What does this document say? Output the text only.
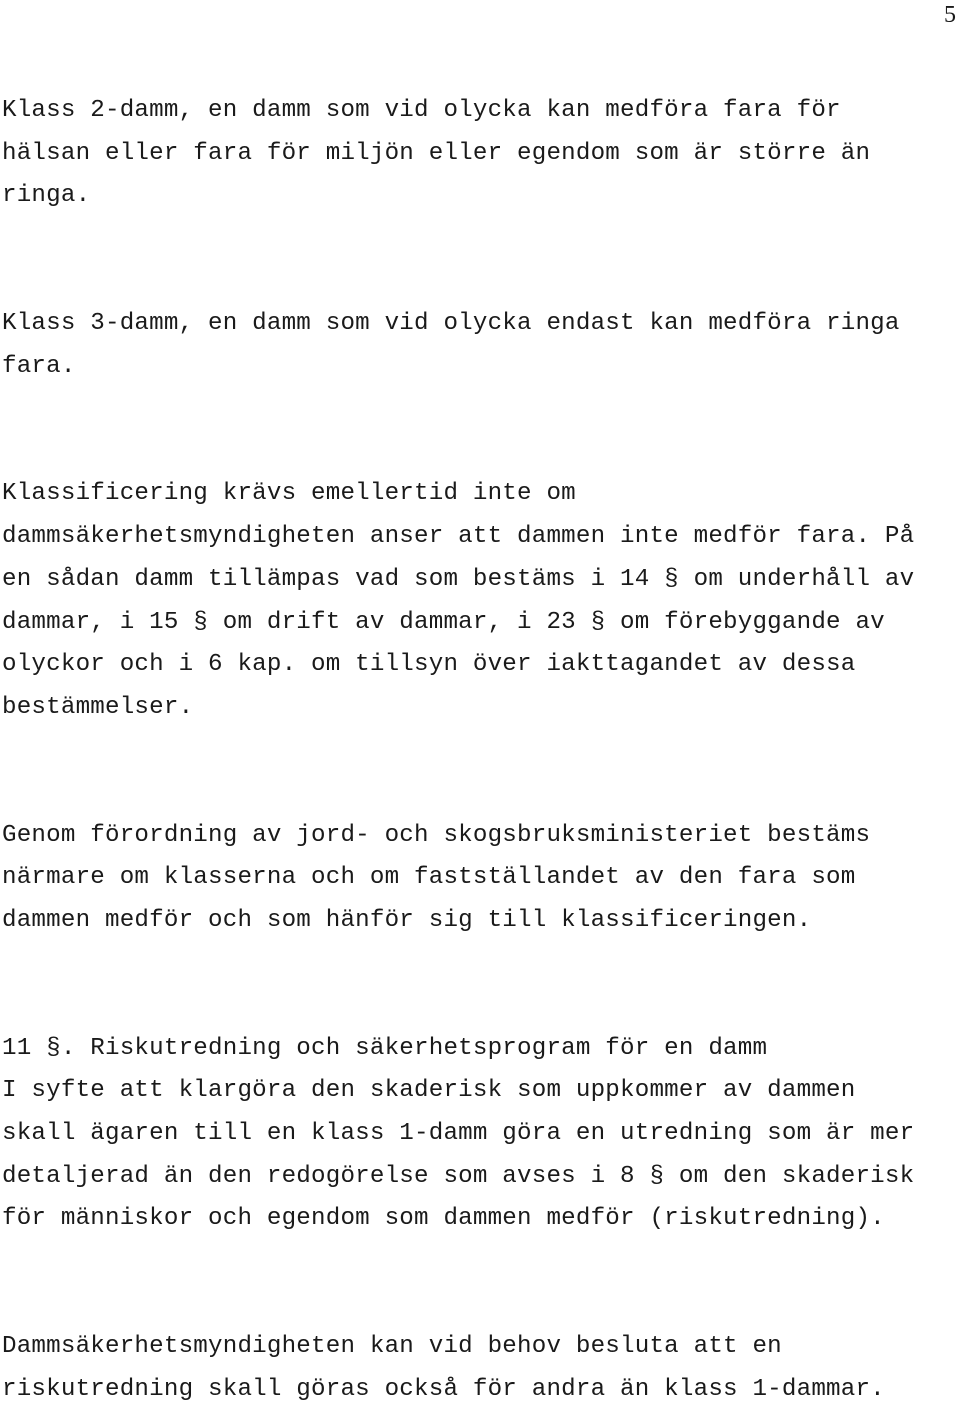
5
Klass 2-damm, en damm som vid olycka kan medföra fara för
hälsan eller fara för miljön eller egendom som är större än
ringa.
Klass 3-damm, en damm som vid olycka endast kan medföra ringa
fara.
Klassificering krävs emellertid inte om
dammsäkerhetsmyndigheten anser att dammen inte medför fara. På
en sådan damm tillämpas vad som bestäms i 14 § om underhåll av
dammar, i 15 § om drift av dammar, i 23 § om förebyggande av
olyckor och i 6 kap. om tillsyn över iakttagandet av dessa
bestämmelser.
Genom förordning av jord- och skogsbruksministeriet bestäms
närmare om klasserna och om fastställandet av den fara som
dammen medför och som hänför sig till klassificeringen.
11 §. Riskutredning och säkerhetsprogram för en damm
I syfte att klargöra den skaderisk som uppkommer av dammen
skall ägaren till en klass 1-damm göra en utredning som är mer
detaljerad än den redogörelse som avses i 8 § om den skaderisk
för människor och egendom som dammen medför (riskutredning).
Dammsäkerhetsmyndigheten kan vid behov besluta att en
riskutredning skall göras också för andra än klass 1-dammar.
